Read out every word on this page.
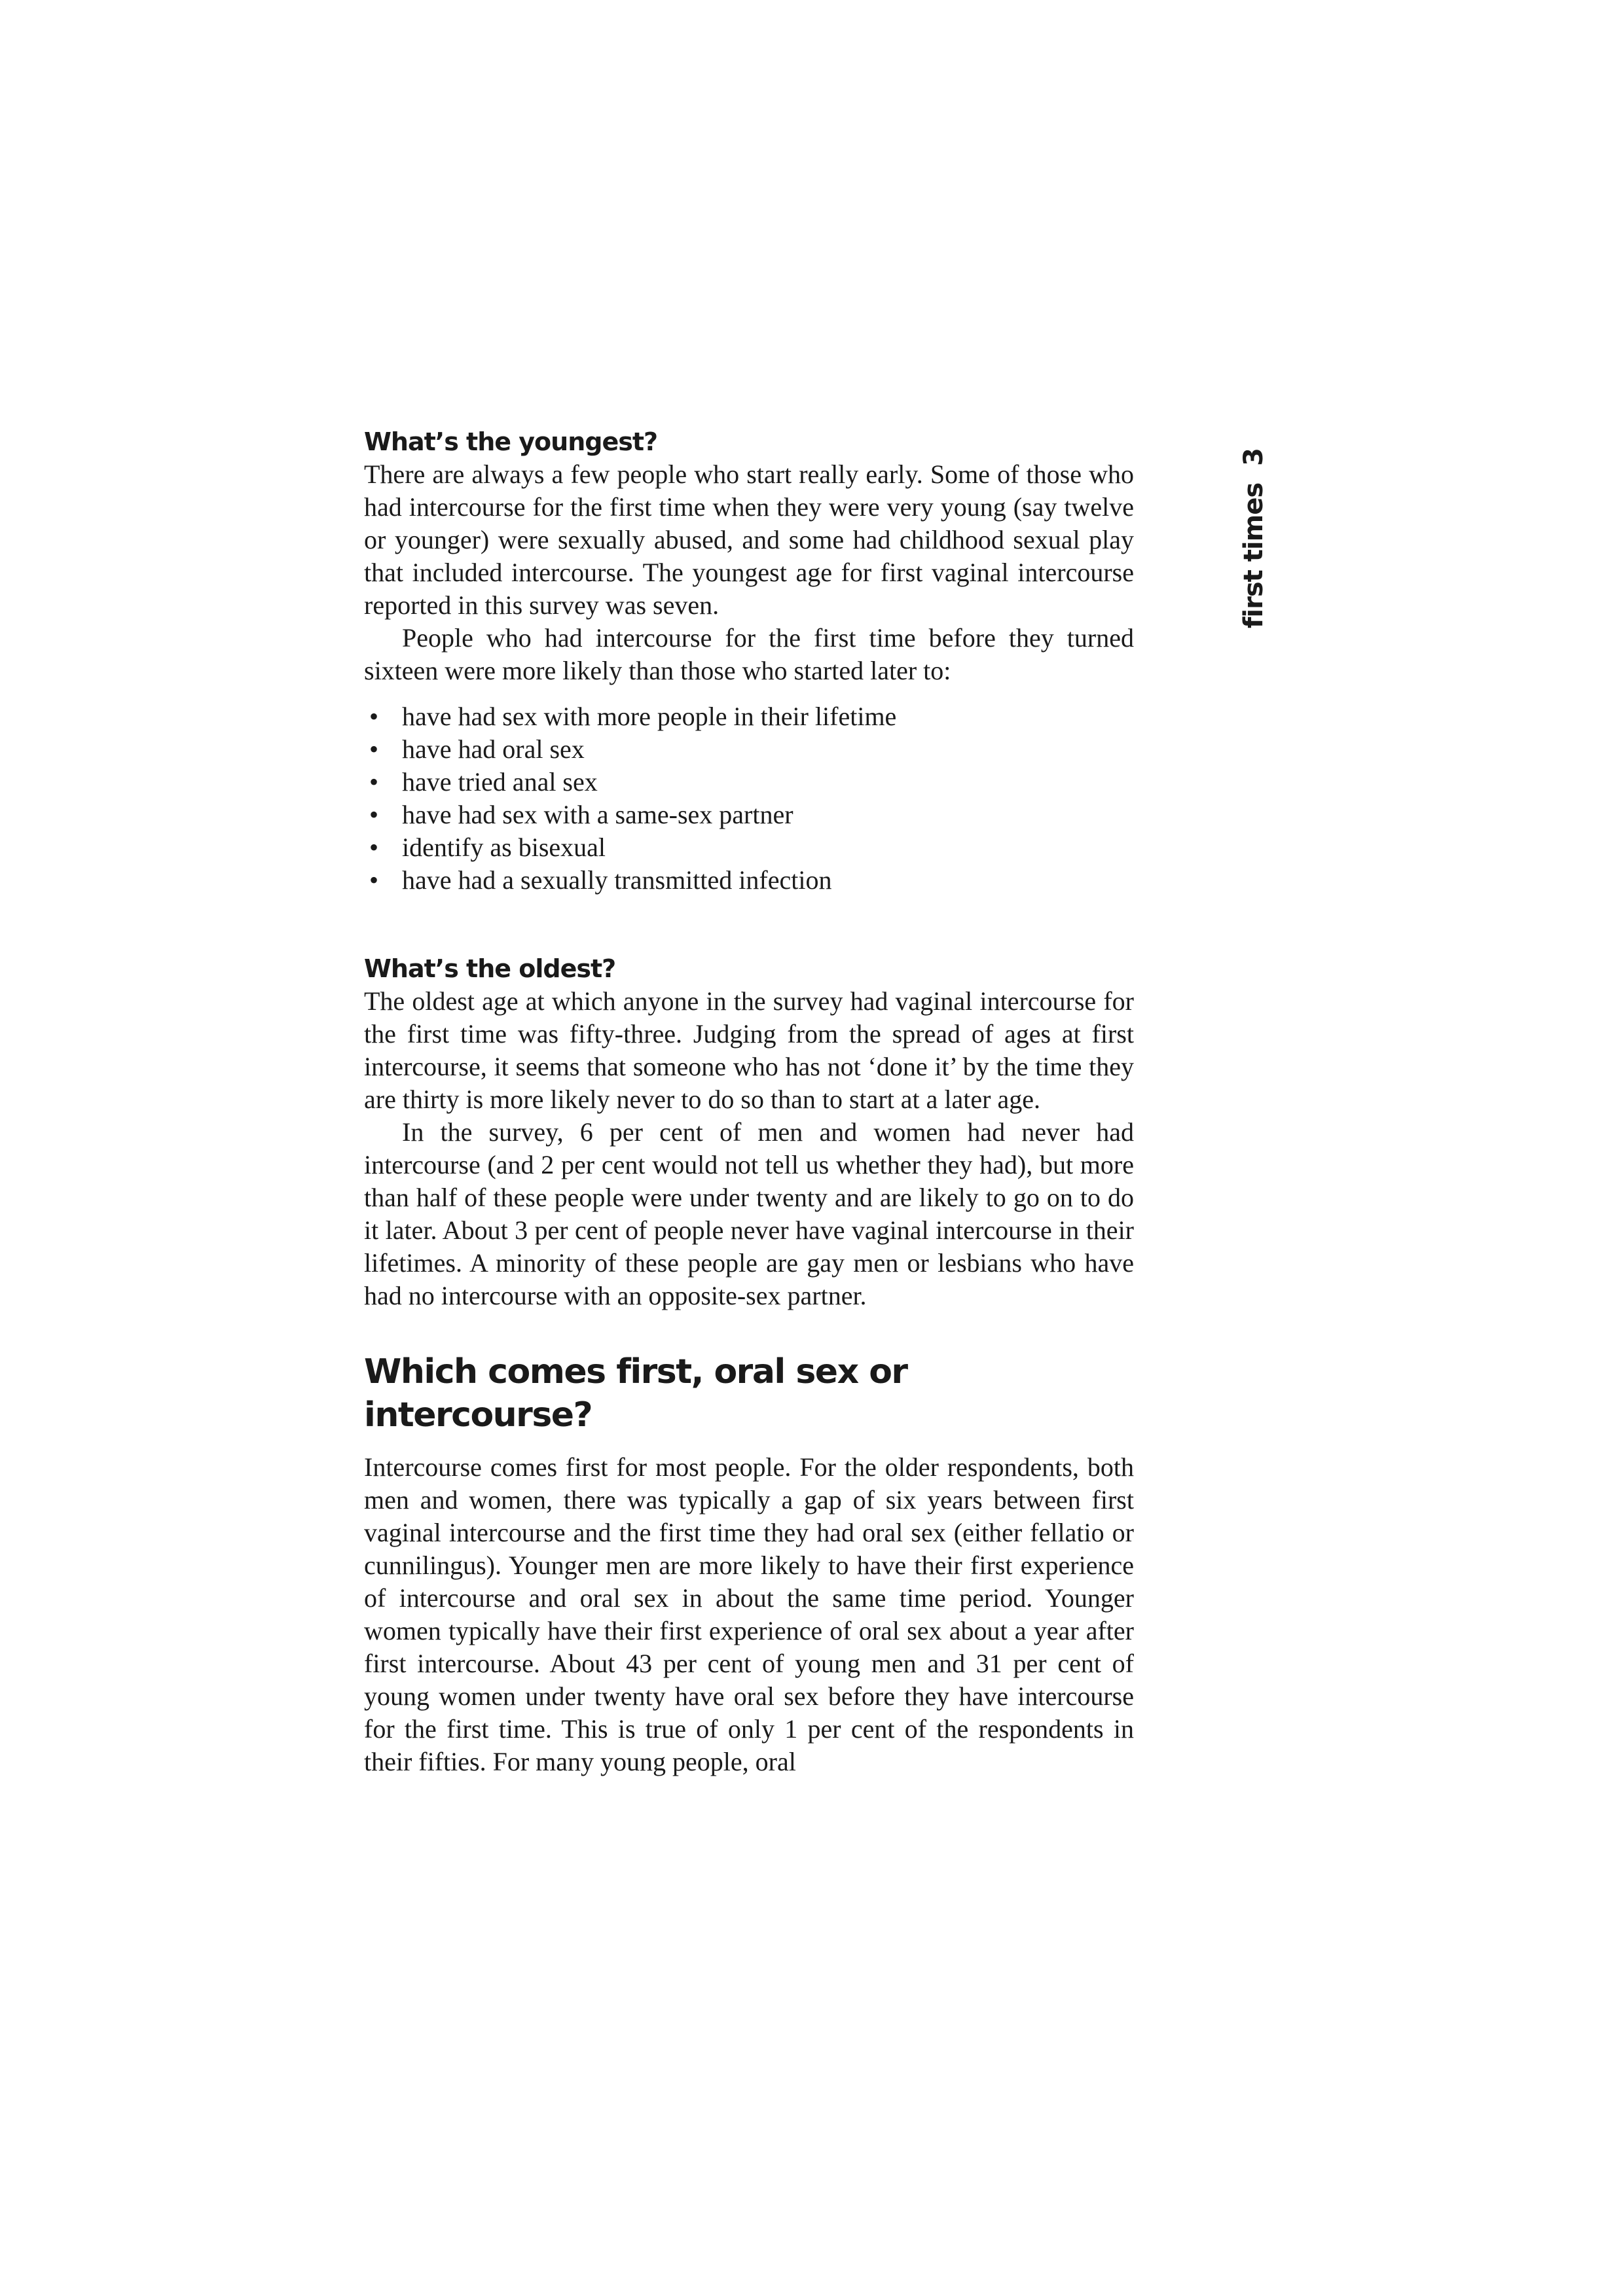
first times3
What’s the youngest?

There are always a few people who start really early. Some of those who had intercourse for the first time when they were very young (say twelve or younger) were sexually abused, and some had childhood sexual play that included intercourse. The youngest age for first vaginal intercourse reported in this survey was seven.

People who had intercourse for the first time before they turned sixteen were more likely than those who started later to:

• have had sex with more people in their lifetime
• have had oral sex
• have tried anal sex
• have had sex with a same-sex partner
• identify as bisexual
• have had a sexually transmitted infection
What’s the oldest?

The oldest age at which anyone in the survey had vaginal intercourse for the first time was fifty-three. Judging from the spread of ages at first intercourse, it seems that someone who has not ‘done it’ by the time they are thirty is more likely never to do so than to start at a later age.

In the survey, 6 per cent of men and women had never had intercourse (and 2 per cent would not tell us whether they had), but more than half of these people were under twenty and are likely to go on to do it later. About 3 per cent of people never have vaginal intercourse in their lifetimes. A minority of these people are gay men or lesbians who have had no intercourse with an opposite-sex partner.

Which comes first, oral sex or intercourse?

Intercourse comes first for most people. For the older respondents, both men and women, there was typically a gap of six years between first vaginal intercourse and the first time they had oral sex (either fellatio or cunnilingus). Younger men are more likely to have their first experience of intercourse and oral sex in about the same time period. Younger women typically have their first experience of oral sex about a year after first intercourse. About 43 per cent of young men and 31 per cent of young women under twenty have oral sex before they have intercourse for the first time. This is true of only 1 per cent of the respondents in their fifties. For many young people, oral
